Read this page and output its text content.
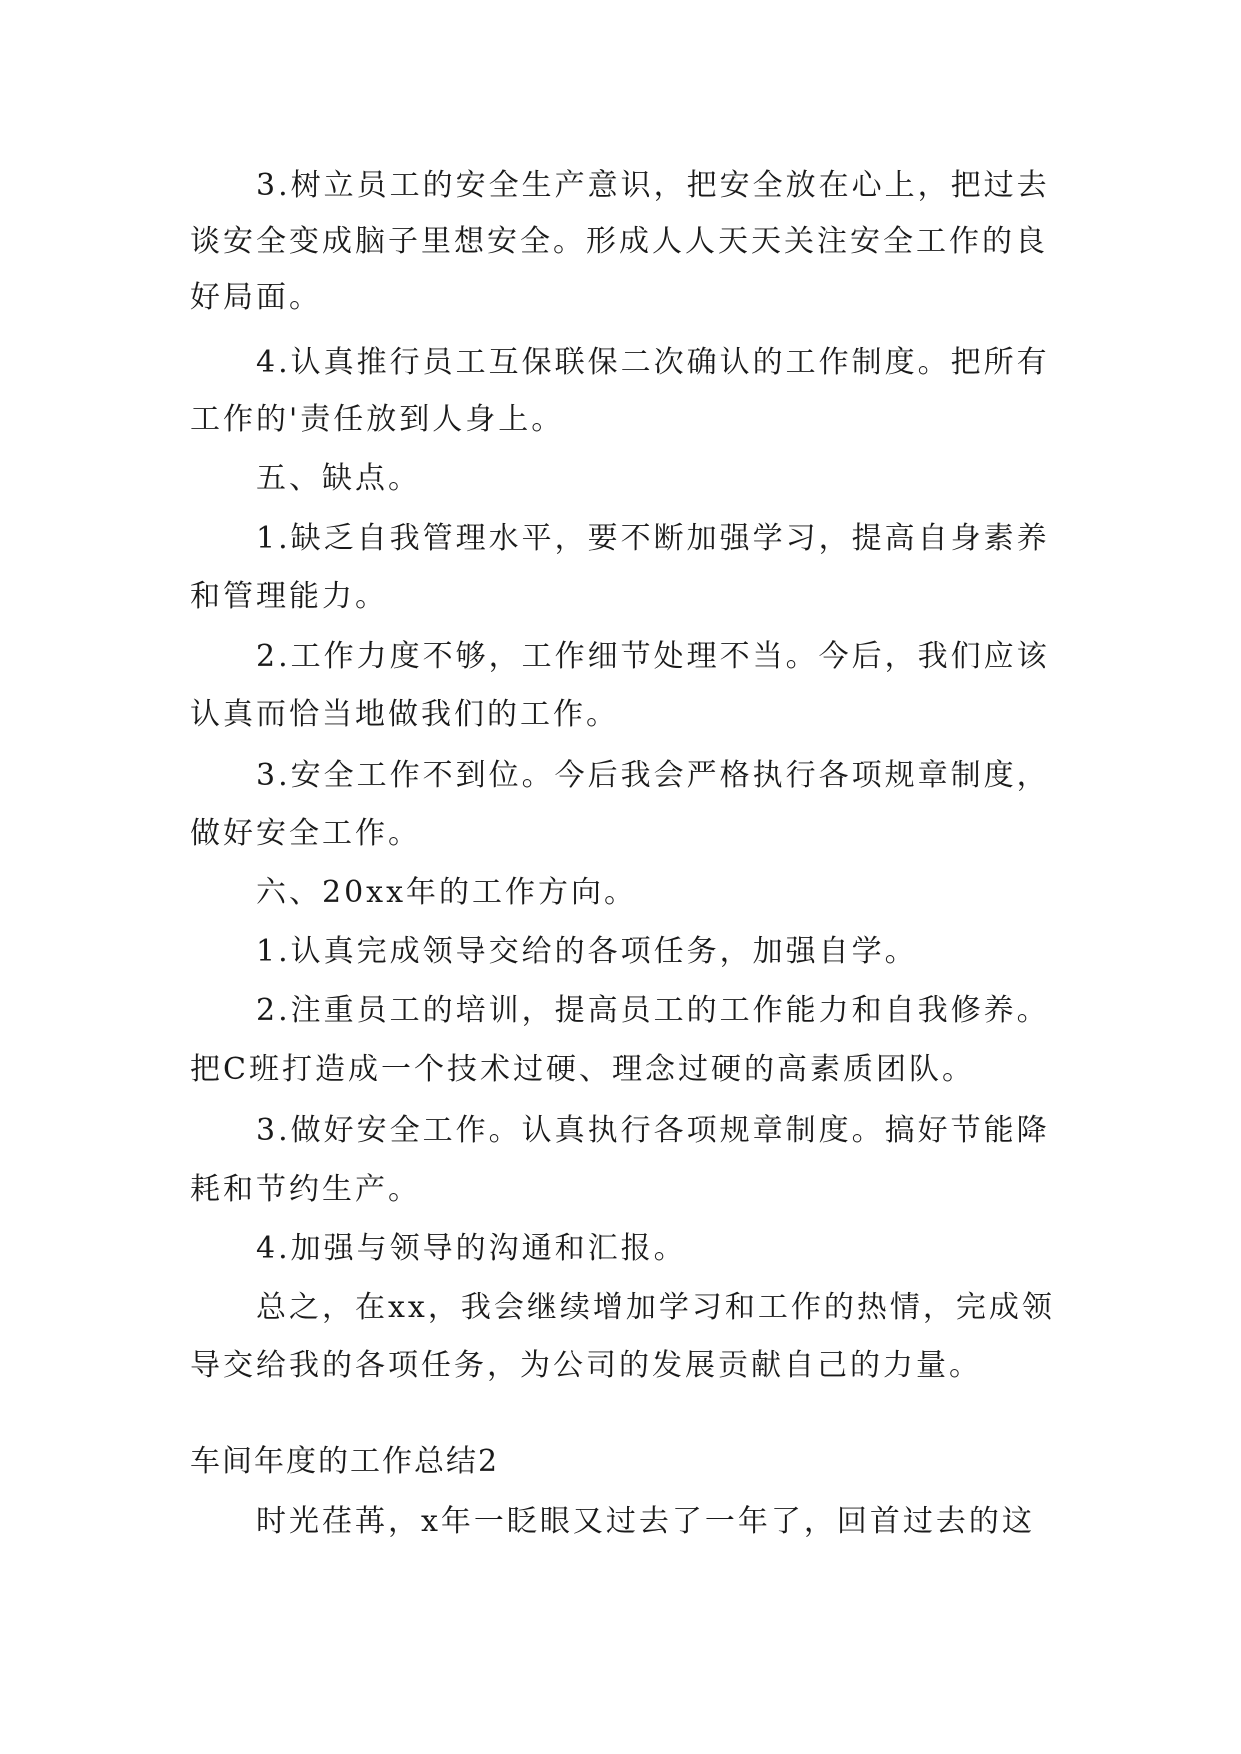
3.树立员工的安全生产意识，把安全放在心上，把过去
谈安全变成脑子里想安全。形成人人天天关注安全工作的良
好局面。
4.认真推行员工互保联保二次确认的工作制度。把所有
工作的'责任放到人身上。
五、缺点。
1.缺乏自我管理水平，要不断加强学习，提高自身素养
和管理能力。
2.工作力度不够，工作细节处理不当。今后，我们应该
认真而恰当地做我们的工作。
3.安全工作不到位。今后我会严格执行各项规章制度，
做好安全工作。
六、20xx年的工作方向。
1.认真完成领导交给的各项任务，加强自学。
2.注重员工的培训，提高员工的工作能力和自我修养。
把C班打造成一个技术过硬、理念过硬的高素质团队。
3.做好安全工作。认真执行各项规章制度。搞好节能降
耗和节约生产。
4.加强与领导的沟通和汇报。
总之，在xx，我会继续增加学习和工作的热情，完成领
导交给我的各项任务，为公司的发展贡献自己的力量。
车间年度的工作总结2
时光荏苒，x年一眨眼又过去了一年了，回首过去的这
